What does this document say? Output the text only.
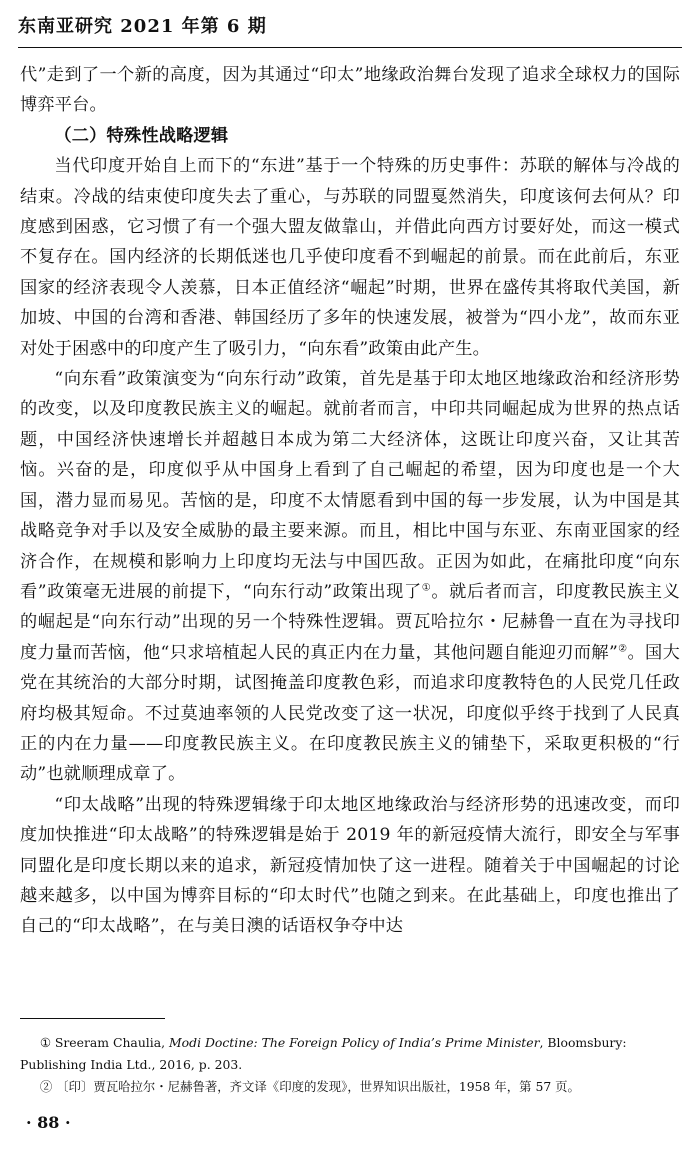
东南亚研究 2021 年第 6 期

代”走到了一个新的高度，因为其通过“印太”地缘政治舞台发现了追求全球权力的国际博弈平台。

（二）特殊性战略逻辑

当代印度开始自上而下的“东进”基于一个特殊的历史事件：苏联的解体与冷战的结束。冷战的结束使印度失去了重心，与苏联的同盟戛然消失，印度该何去何从？印度感到困惑，它习惯了有一个强大盟友做靠山，并借此向西方讨要好处，而这一模式不复存在。国内经济的长期低迷也几乎使印度看不到崛起的前景。而在此前后，东亚国家的经济表现令人羡慕，日本正值经济“崛起”时期，世界在盛传其将取代美国，新加坡、中国的台湾和香港、韩国经历了多年的快速发展，被誉为“四小龙”，故而东亚对处于困惑中的印度产生了吸引力，“向东看”政策由此产生。

“向东看”政策演变为“向东行动”政策，首先是基于印太地区地缘政治和经济形势的改变，以及印度教民族主义的崛起。就前者而言，中印共同崛起成为世界的热点话题，中国经济快速增长并超越日本成为第二大经济体，这既让印度兴奋，又让其苦恼。兴奋的是，印度似乎从中国身上看到了自己崛起的希望，因为印度也是一个大国，潜力显而易见。苦恼的是，印度不太情愿看到中国的每一步发展，认为中国是其战略竞争对手以及安全威胁的最主要来源。而且，相比中国与东亚、东南亚国家的经济合作，在规模和影响力上印度均无法与中国匹敌。正因为如此，在痛批印度“向东看”政策毫无进展的前提下，“向东行动”政策出现了①。就后者而言，印度教民族主义的崛起是“向东行动”出现的另一个特殊性逻辑。贾瓦哈拉尔・尼赫鲁一直在为寻找印度力量而苦恼，他“只求培植起人民的真正内在力量，其他问题自能迎刃而解”②。国大党在其统治的大部分时期，试图掩盖印度教色彩，而追求印度教特色的人民党几任政府均极其短命。不过莫迪率领的人民党改变了这一状况，印度似乎终于找到了人民真正的内在力量——印度教民族主义。在印度教民族主义的铺垫下，采取更积极的“行动”也就顺理成章了。

“印太战略”出现的特殊逻辑缘于印太地区地缘政治与经济形势的迅速改变，而印度加快推进“印太战略”的特殊逻辑是始于 2019 年的新冠疫情大流行，即安全与军事同盟化是印度长期以来的追求，新冠疫情加快了这一进程。随着关于中国崛起的讨论越来越多，以中国为博弈目标的“印太时代”也随之到来。在此基础上，印度也推出了自己的“印太战略”，在与美日澳的话语权争夺中达

① Sreeram Chaulia, Modi Doctine: The Foreign Policy of India’s Prime Minister, Bloomsbury: Publishing India Ltd., 2016, p. 203.

② 〔印〕贾瓦哈拉尔・尼赫鲁著，齐文译《印度的发现》，世界知识出版社，1958 年，第 57 页。

· 88 ·
